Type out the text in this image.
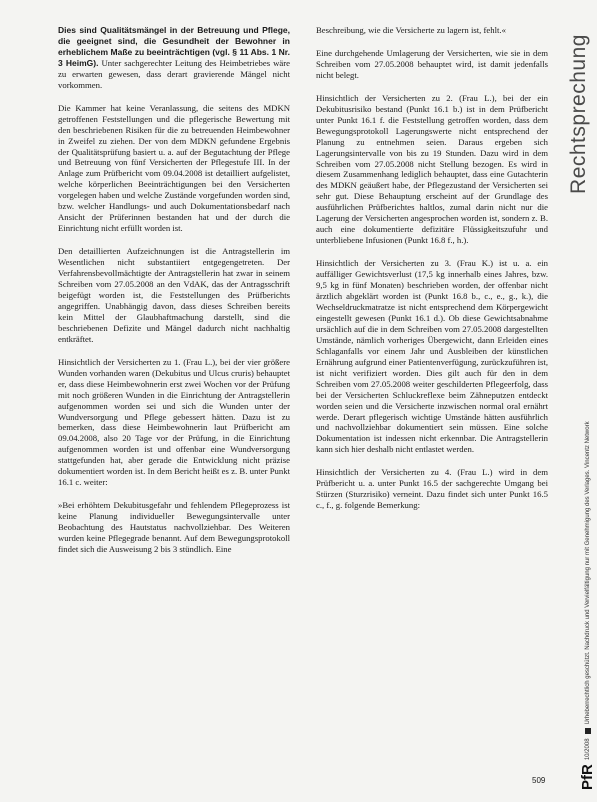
Dies sind Qualitätsmängel in der Betreuung und Pflege, die geeignet sind, die Gesundheit der Bewohner in erheblichem Maße zu beeinträchtigen (vgl. § 11 Abs. 1 Nr. 3 HeimG). Unter sachgerechter Leitung des Heimbetriebes wäre zu erwarten gewesen, dass derart gravierende Mängel nicht vorkommen.

Die Kammer hat keine Veranlassung, die seitens des MDKN getroffenen Feststellungen und die pflegerische Bewertung mit den beschriebenen Risiken für die zu betreuenden Heimbewohner in Zweifel zu ziehen. Der von dem MDKN gefundene Ergebnis der Qualitätsprüfung basiert u. a. auf der Begutachtung der Pflege und Betreuung von fünf Versicherten der Pflegestufe III. In der Anlage zum Prüfbericht vom 09.04.2008 ist detailliert aufgelistet, welche körperlichen Beeinträchtigungen bei den Versicherten vorgelegen haben und welche Zustände vorgefunden worden sind, bzw. welcher Handlungs- und auch Dokumentationsbedarf nach Ansicht der Prüferinnen bestanden hat und der durch die Einrichtung nicht erfüllt worden ist.

Den detaillierten Aufzeichnungen ist die Antragstellerin im Wesentlichen nicht substantiiert entgegengetreten. Der Verfahrensbevollmächtigte der Antragstellerin hat zwar in seinem Schreiben vom 27.05.2008 an den VdAK, das der Antragsschrift beigefügt worden ist, die Feststellungen des Prüfberichts angegriffen. Unabhängig davon, dass dieses Schreiben bereits kein Mittel der Glaubhaftmachung darstellt, sind die beschriebenen Defizite und Mängel dadurch nicht nachhaltig entkräftet.

Hinsichtlich der Versicherten zu 1. (Frau L.), bei der vier größere Wunden vorhanden waren (Dekubitus und Ulcus cruris) behauptet er, dass diese Heimbewohnerin erst zwei Wochen vor der Prüfung mit noch größeren Wunden in die Einrichtung der Antragstellerin aufgenommen worden sei und sich die Wunden unter der Wundversorgung und Pflege gebessert hätten. Dazu ist zu bemerken, dass diese Heimbewohnerin laut Prüfbericht am 09.04.2008, also 20 Tage vor der Prüfung, in die Einrichtung aufgenommen worden ist und offenbar eine Wundversorgung stattgefunden hat, aber gerade die Entwicklung nicht präzise dokumentiert worden ist. In dem Bericht heißt es z. B. unter Punkt 16.1 c. weiter:

»Bei erhöhtem Dekubitusgefahr und fehlendem Pflegeprozess ist keine Planung individueller Bewegungsintervalle unter Beobachtung des Hautstatus nachvollziehbar. Des Weiteren wurden keine Pflegegrade benannt. Auf dem Bewegungsprotokoll findet sich die Ausweisung 2 bis 3 stündlich. Eine

Beschreibung, wie die Versicherte zu lagern ist, fehlt.«

Eine durchgehende Umlagerung der Versicherten, wie sie in dem Schreiben vom 27.05.2008 behauptet wird, ist damit jedenfalls nicht belegt.

Hinsichtlich der Versicherten zu 2. (Frau L.), bei der ein Dekubitusrisiko bestand (Punkt 16.1 b.) ist in dem Prüfbericht unter Punkt 16.1 f. die Feststellung getroffen worden, dass dem Bewegungsprotokoll Lagerungswerte nicht entsprechend der Planung zu entnehmen seien. Daraus ergeben sich Lagerungsintervalle von bis zu 19 Stunden. Dazu wird in dem Schreiben vom 27.05.2008 nicht Stellung bezogen. Es wird in diesem Zusammenhang lediglich behauptet, dass eine Gutachterin des MDKN geäußert habe, der Pflegezustand der Versicherten sei sehr gut. Diese Behauptung erscheint auf der Grundlage des ausführlichen Prüfberichtes haltlos, zumal darin nicht nur die Lagerung der Versicherten angesprochen worden ist, sondern z. B. auch eine dokumentierte defizitäre Flüssigkeitszufuhr und unterbliebene Infusionen (Punkt 16.8 f., h.).

Hinsichtlich der Versicherten zu 3. (Frau K.) ist u. a. ein auffälliger Gewichtsverlust (17,5 kg innerhalb eines Jahres, bzw. 9,5 kg in fünf Monaten) beschrieben worden, der offenbar nicht ärztlich abgeklärt worden ist (Punkt 16.8 b., c., e., g., k.), die Wechseldruckmatratze ist nicht entsprechend dem Körpergewicht eingestellt gewesen (Punkt 16.1 d.). Ob diese Gewichtsabnahme ursächlich auf die in dem Schreiben vom 27.05.2008 dargestellten Umstände, nämlich vorheriges Übergewicht, dann Erleiden eines Schlaganfalls vor einem Jahr und Ausbleiben der künstlichen Ernährung aufgrund einer Patientenverfügung, zurückzuführen ist, ist nicht verifiziert worden. Dies gilt auch für den in dem Schreiben vom 27.05.2008 weiter geschilderten Pflegeerfolg, dass bei der Versicherten Schluckreflexe beim Zähneputzen entdeckt worden seien und die Versicherte inzwischen normal oral ernährt werde. Derart pflegerisch wichtige Umstände hätten ausführlich und nachvollziehbar dokumentiert sein müssen. Eine solche Dokumentation ist indessen nicht erkennbar. Die Antragstellerin kann sich hier deshalb nicht entlastet werden.

Hinsichtlich der Versicherten zu 4. (Frau L.) wird in dem Prüfbericht u. a. unter Punkt 16.5 der sachgerechte Umgang bei Stürzen (Sturzrisiko) verneint. Dazu findet sich unter Punkt 16.5 c., f., g. folgende Bemerkung:

Rechtsprechung
PfR
10/2008
Urheberrechtlich geschützt. Nachdruck und Vervielfältigung nur mit Genehmigung des Verlages. Vincentz Network
509
